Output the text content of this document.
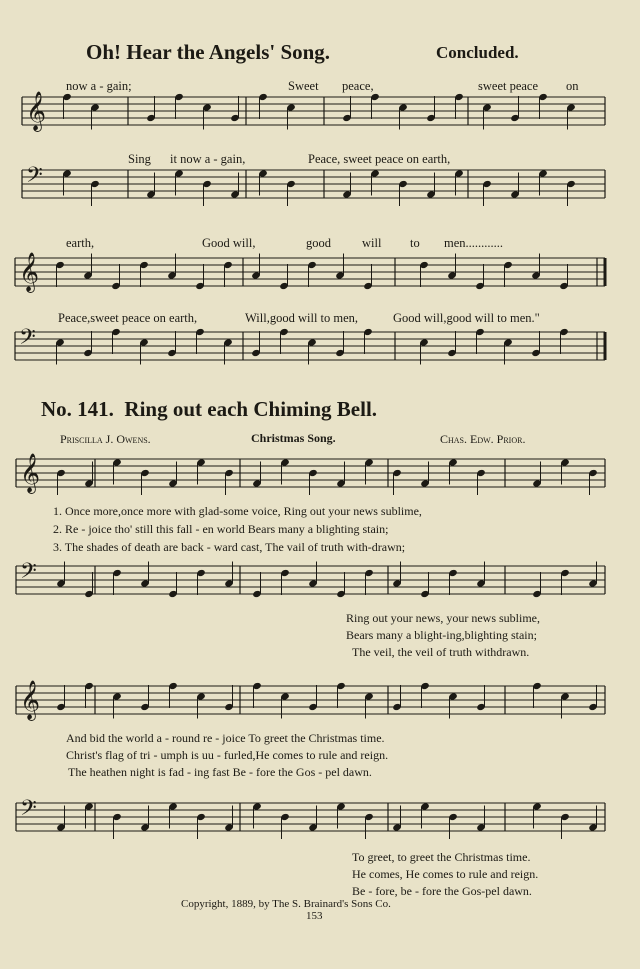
𝄞
𝄢
𝄞
𝄢
𝄞
𝄢
𝄞
𝄢
Oh! Hear the Angels' Song.	Concluded.
now a - gain;	Sweet peace,	sweet peace on
Sing it now a - gain,	Peace, sweet peace on earth,
earth,	Good will,	good will to men............
Peace,sweet peace on earth,	Will,good will to men,	Good will,good will to men."
No. 141. Ring out each Chiming Bell.
Priscilla J. Owens.	Christmas Song.	Chas. Edw. Prior.
1. Once more,once more with glad-some voice, Ring out your news sublime,
2. Re - joice tho' still this fall - en world Bears many a blighting stain;
3. The shades of death are back - ward cast, The vail of truth with-drawn;
Ring out your news, your news sublime,
Bears many a blight-ing,blighting stain;
The veil, the veil of truth withdrawn.
And bid the world a - round re - joice To greet the Christmas time.
Christ's flag of tri - umph is uu - furled,He comes to rule and reign.
The heathen night is fad - ing fast Be - fore the Gos - pel dawn.
To greet, to greet the Christmas time.
He comes, He comes to rule and reign.
Be - fore, be - fore the Gos-pel dawn.
Copyright, 1889, by The S. Brainard's Sons Co.
153
